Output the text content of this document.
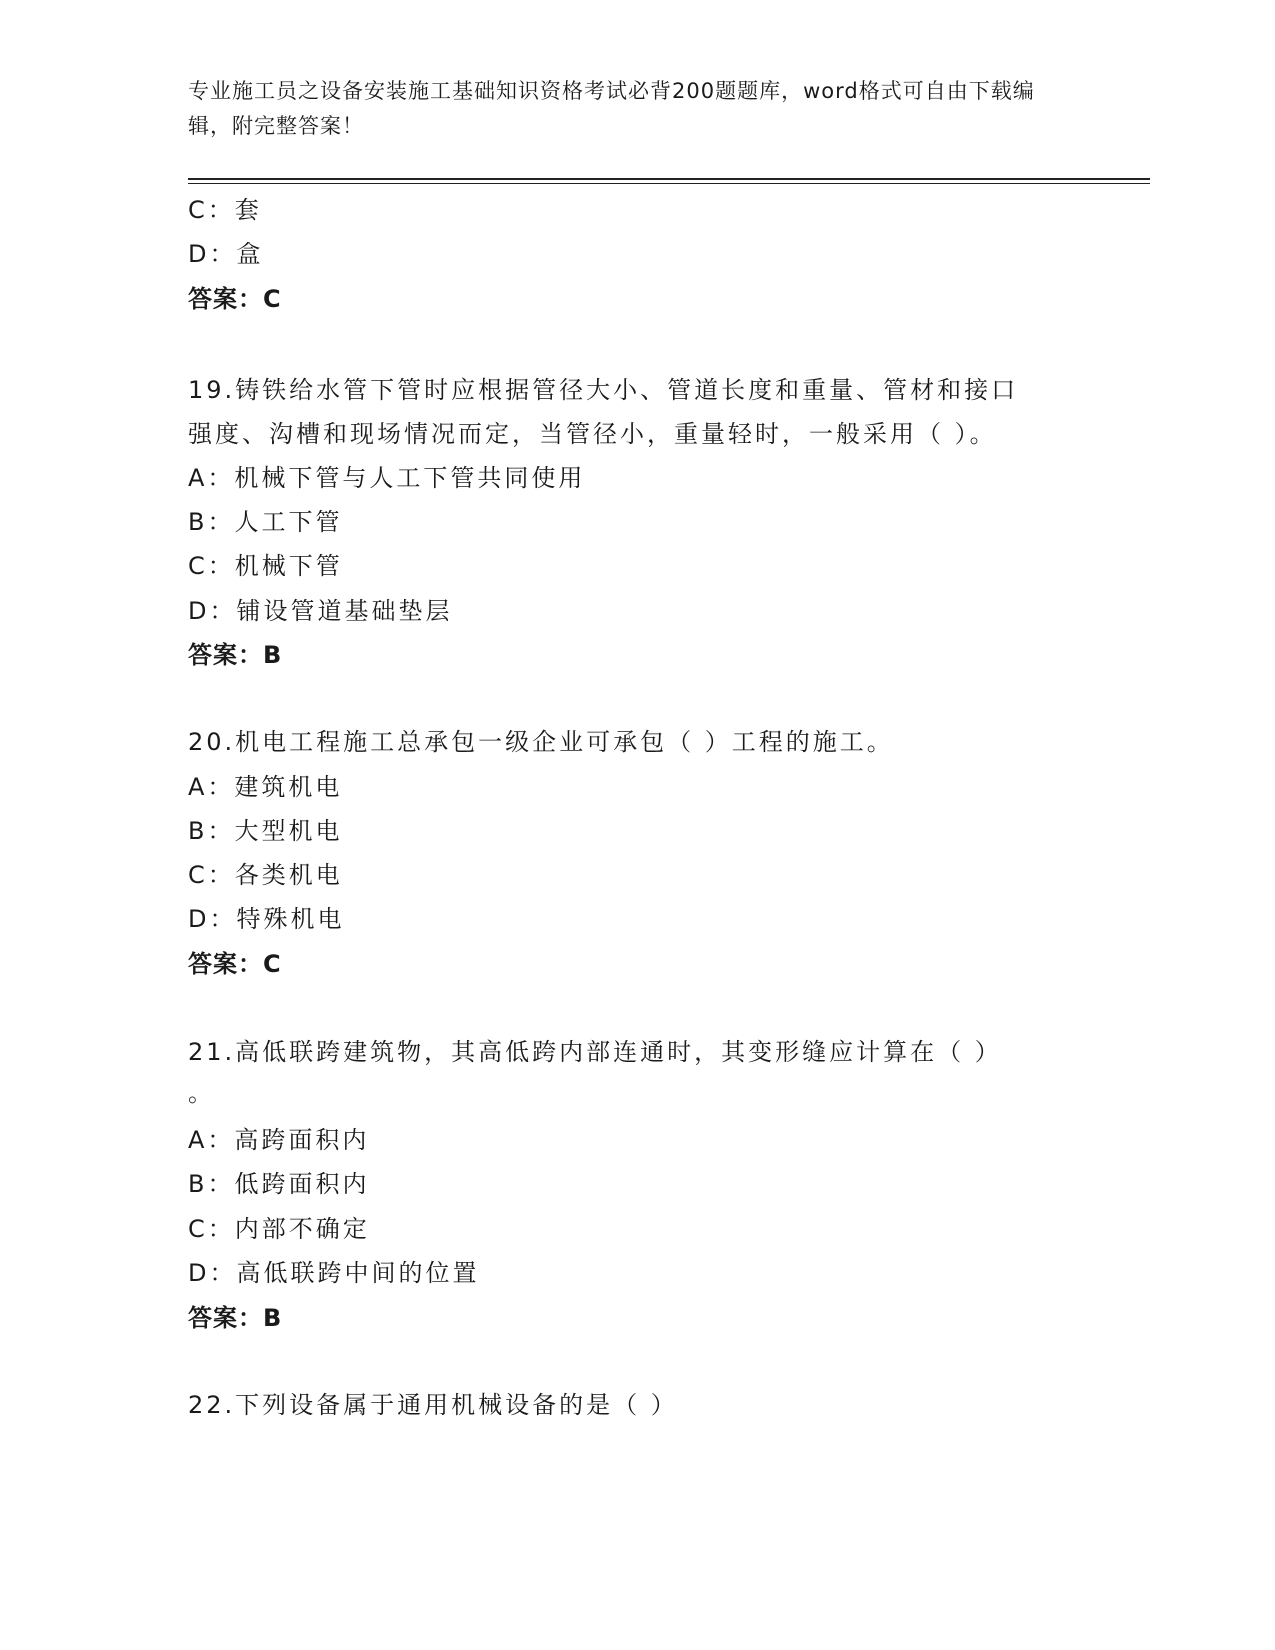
专业施工员之设备安装施工基础知识资格考试必背200题题库，word格式可自由下载编辑，附完整答案！
C：套
D：盒
答案：C
19.铸铁给水管下管时应根据管径大小、管道长度和重量、管材和接口
强度、沟槽和现场情况而定，当管径小，重量轻时，一般采用（ ）。
A：机械下管与人工下管共同使用
B：人工下管
C：机械下管
D：铺设管道基础垫层
答案：B
20.机电工程施工总承包一级企业可承包（ ）工程的施工。
A：建筑机电
B：大型机电
C：各类机电
D：特殊机电
答案：C
21.高低联跨建筑物，其高低跨内部连通时，其变形缝应计算在（ ）
。
A：高跨面积内
B：低跨面积内
C：内部不确定
D：高低联跨中间的位置
答案：B
22.下列设备属于通用机械设备的是（ ）
